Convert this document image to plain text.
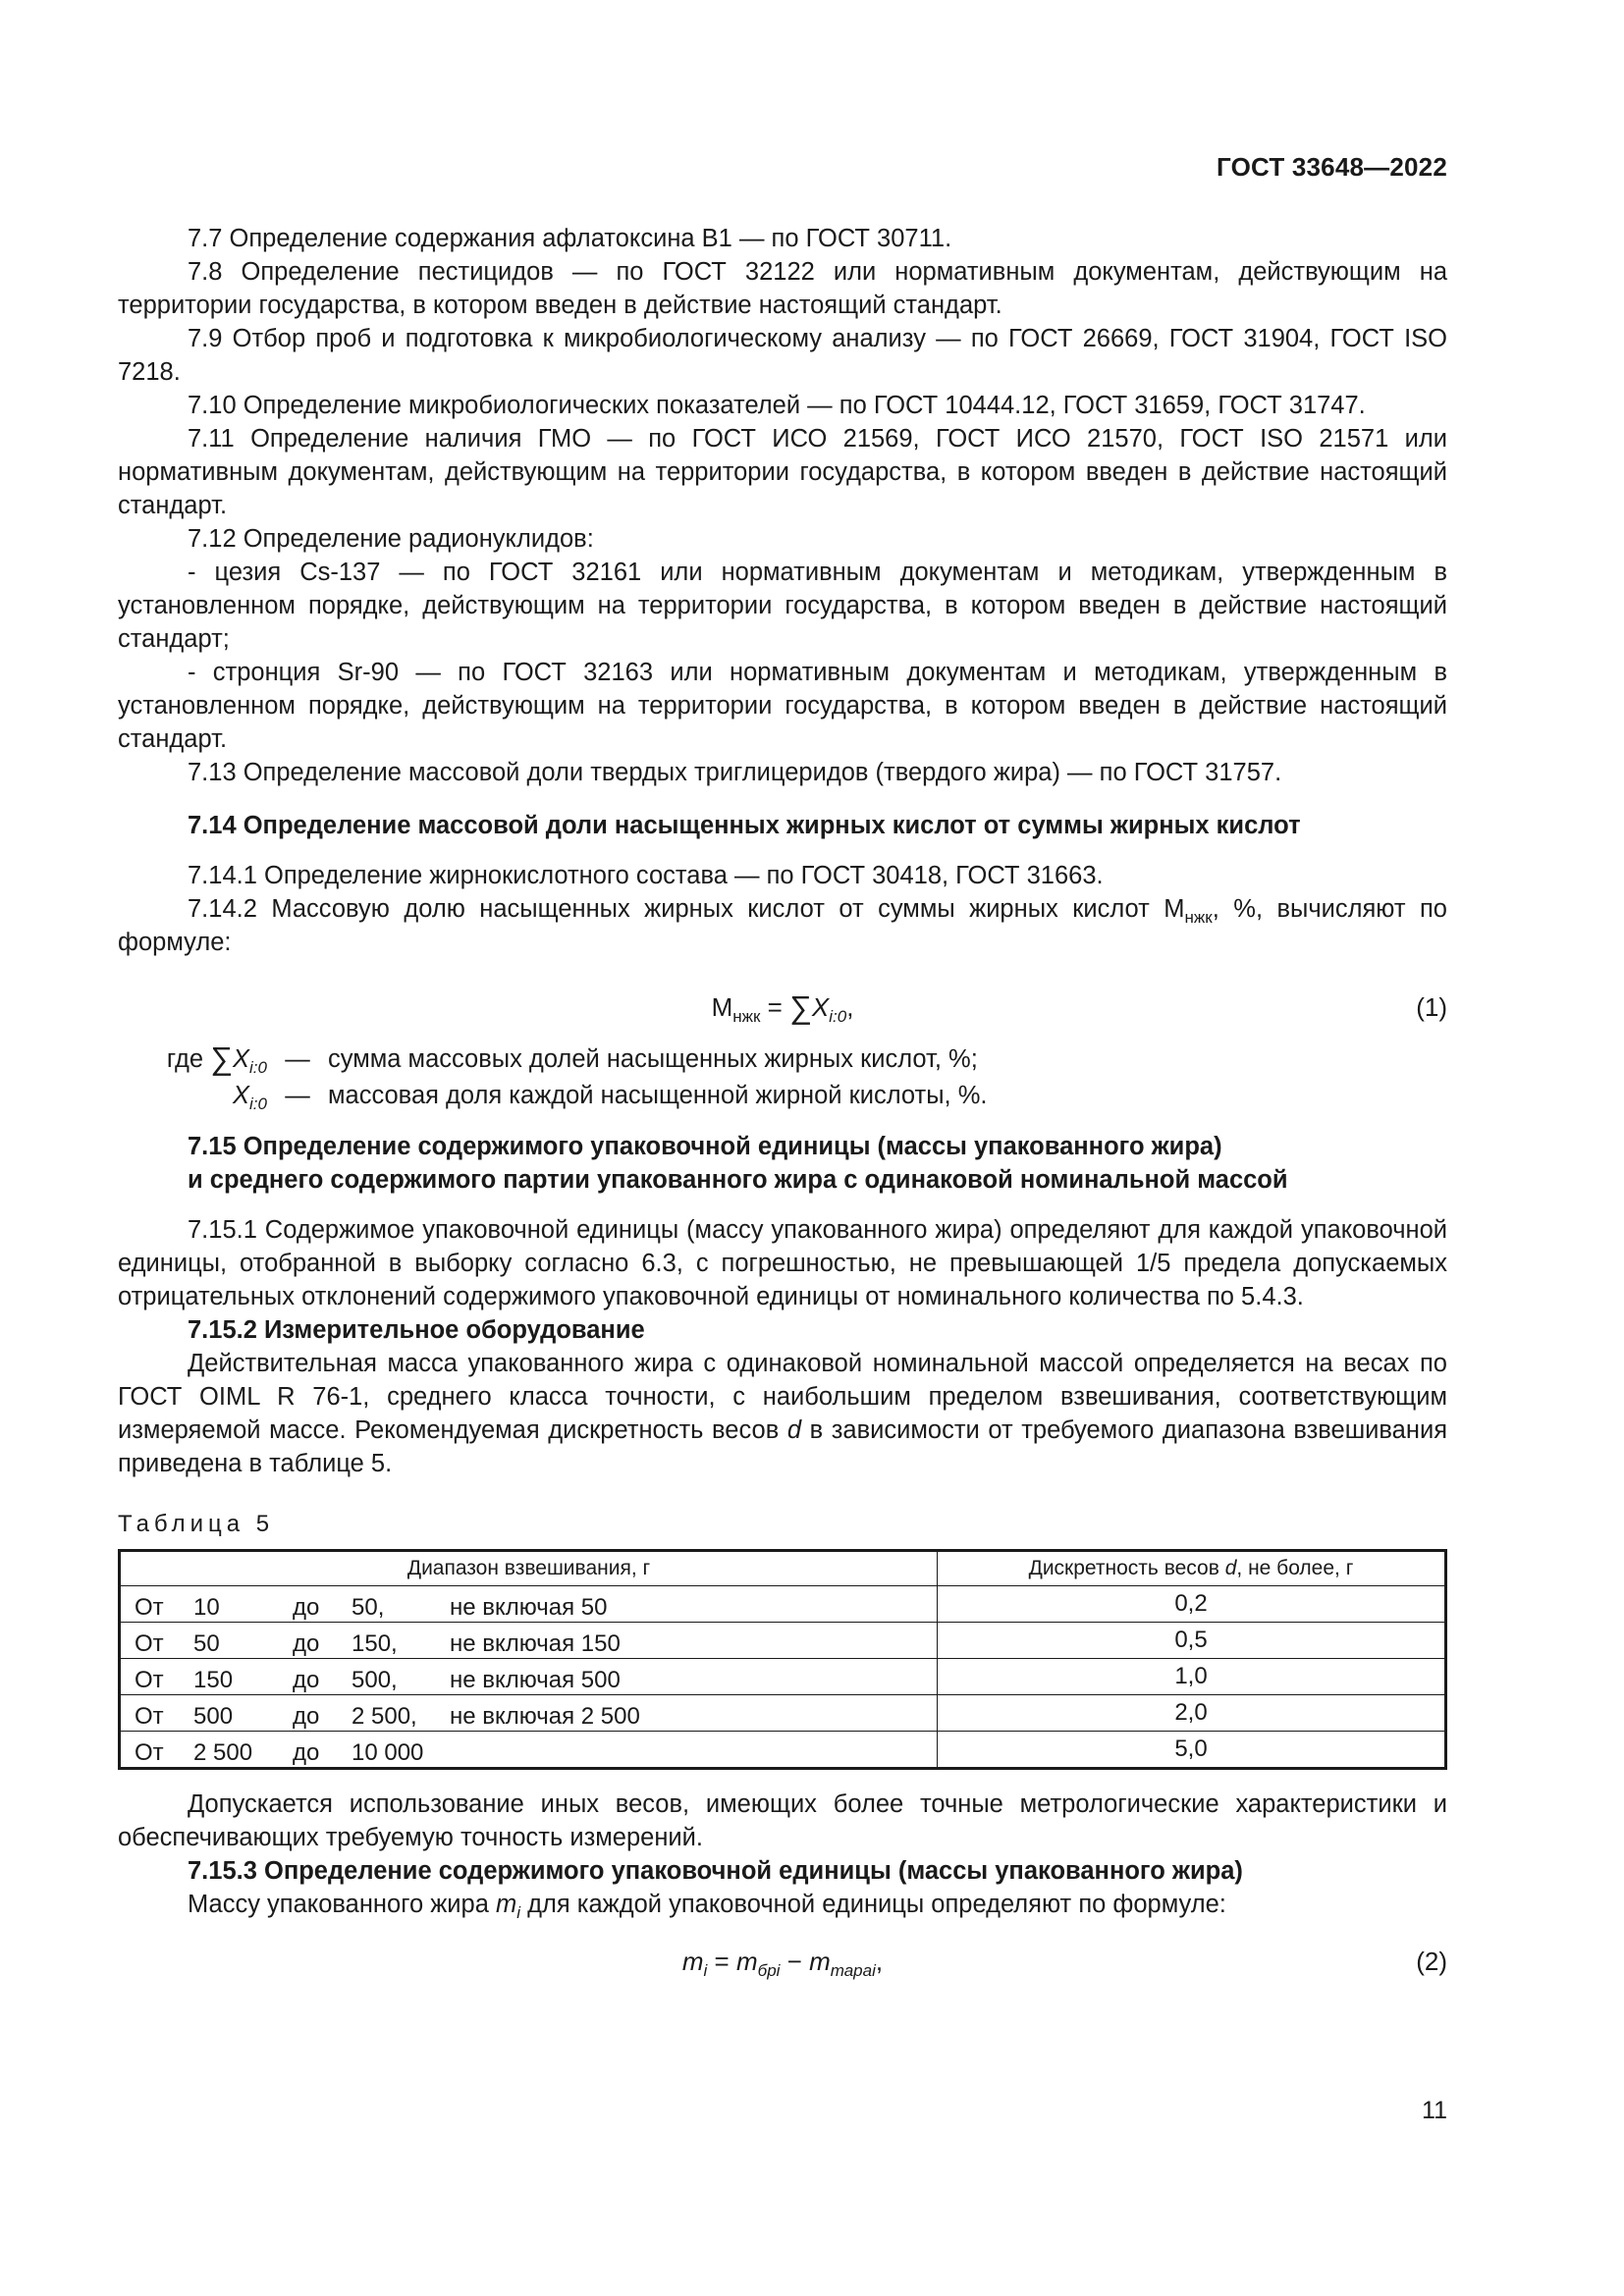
ГОСТ 33648—2022

7.7 Определение содержания афлатоксина В1 — по ГОСТ 30711.

7.8 Определение пестицидов — по ГОСТ 32122 или нормативным документам, действующим на территории государства, в котором введен в действие настоящий стандарт.

7.9 Отбор проб и подготовка к микробиологическому анализу — по ГОСТ 26669, ГОСТ 31904, ГОСТ ISO 7218.

7.10 Определение микробиологических показателей — по ГОСТ 10444.12, ГОСТ 31659, ГОСТ 31747.

7.11 Определение наличия ГМО — по ГОСТ ИСО 21569, ГОСТ ИСО 21570, ГОСТ ISO 21571 или нормативным документам, действующим на территории государства, в котором введен в действие настоящий стандарт.

7.12 Определение радионуклидов:

- цезия Cs-137 — по ГОСТ 32161 или нормативным документам и методикам, утвержденным в установленном порядке, действующим на территории государства, в котором введен в действие настоящий стандарт;

- стронция Sr-90 — по ГОСТ 32163 или нормативным документам и методикам, утвержденным в установленном порядке, действующим на территории государства, в котором введен в действие настоящий стандарт.

7.13 Определение массовой доли твердых триглицеридов (твердого жира) — по ГОСТ 31757.

7.14 Определение массовой доли насыщенных жирных кислот от суммы жирных кислот

7.14.1 Определение жирнокислотного состава — по ГОСТ 30418, ГОСТ 31663.

7.14.2 Массовую долю насыщенных жирных кислот от суммы жирных кислот $M_{нжк}$, %, вычисляют по формуле:

$M_{нжк} = \sum X_{i:0}$,	(1)
где $\sum X_{i:0}$ — сумма массовых долей насыщенных жирных кислот, %;
$X_{i:0}$ — массовая доля каждой насыщенной жирной кислоты, %.

7.15 Определение содержимого упаковочной единицы (массы упакованного жира)

и среднего содержимого партии упакованного жира с одинаковой номинальной массой

7.15.1 Содержимое упаковочной единицы (массу упакованного жира) определяют для каждой упаковочной единицы, отобранной в выборку согласно 6.3, с погрешностью, не превышающей 1/5 предела допускаемых отрицательных отклонений содержимого упаковочной единицы от номинального количества по 5.4.3.

7.15.2 Измерительное оборудование

Действительная масса упакованного жира с одинаковой номинальной массой определяется на весах по ГОСТ OIML R 76-1, среднего класса точности, с наибольшим пределом взвешивания, соответствующим измеряемой массе. Рекомендуемая дискретность весов d в зависимости от требуемого диапазона взвешивания приведена в таблице 5.

Таблица 5
Диапазон взвешивания, г	Дискретность весов d, не более, г

От 10 до 50, не включая 50	0,2

От 50 до 150, не включая 150	0,5

От 150 до 500, не включая 500	1,0

От 500 до 2 500, не включая 2 500	2,0

От 2 500 до 10 000	5,0

Допускается использование иных весов, имеющих более точные метрологические характеристики и обеспечивающих требуемую точность измерений.

7.15.3 Определение содержимого упаковочной единицы (массы упакованного жира)

Массу упакованного жира $m_i$ для каждой упаковочной единицы определяют по формуле:

$m_i = m_{брi} - m_{тараi}$,	(2)
11
